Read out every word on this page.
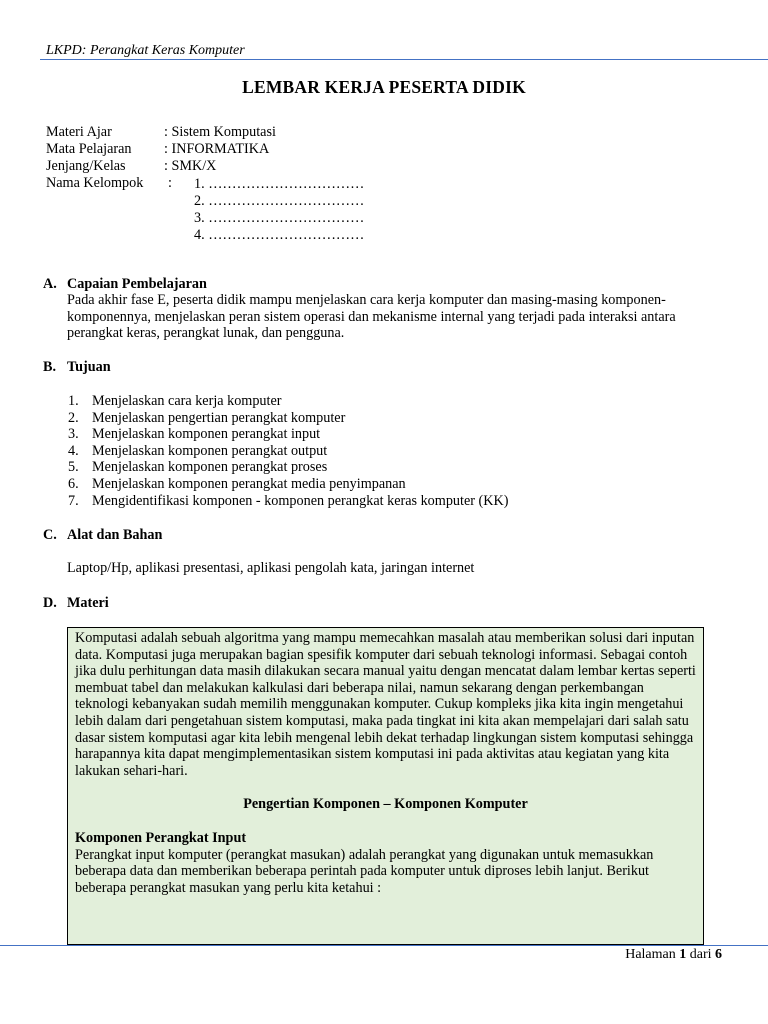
LKPD: Perangkat Keras Komputer
LEMBAR KERJA PESERTA DIDIK
Materi Ajar	: Sistem Komputasi
Mata Pelajaran : INFORMATIKA
Jenjang/Kelas	: SMK/X
Nama Kelompok : 1. ……………………………
2. ……………………………
3. ……………………………
4. ……………………………
A. Capaian Pembelajaran
Pada akhir fase E, peserta didik mampu menjelaskan cara kerja komputer dan masing-masing komponen-komponennya, menjelaskan peran sistem operasi dan mekanisme internal yang terjadi pada interaksi antara perangkat keras, perangkat lunak, dan pengguna.
B. Tujuan
1. Menjelaskan cara kerja komputer
2. Menjelaskan pengertian perangkat komputer
3. Menjelaskan komponen perangkat input
4. Menjelaskan komponen perangkat output
5. Menjelaskan komponen perangkat proses
6. Menjelaskan komponen perangkat media penyimpanan
7. Mengidentifikasi komponen - komponen perangkat keras komputer (KK)
C. Alat dan Bahan
Laptop/Hp, aplikasi presentasi, aplikasi pengolah kata, jaringan internet
D. Materi

Komputasi adalah sebuah algoritma yang mampu memecahkan masalah atau memberikan solusi dari inputan data. Komputasi juga merupakan bagian spesifik komputer dari sebuah teknologi informasi. Sebagai contoh jika dulu perhitungan data masih dilakukan secara manual yaitu dengan mencatat dalam lembar kertas seperti membuat tabel dan melakukan kalkulasi dari beberapa nilai, namun sekarang dengan perkembangan teknologi kebanyakan sudah memilih menggunakan komputer. Cukup kompleks jika kita ingin mengetahui lebih dalam dari pengetahuan sistem komputasi, maka pada tingkat ini kita akan mempelajari dari salah satu dasar sistem komputasi agar kita lebih mengenal lebih dekat terhadap lingkungan sistem komputasi sehingga harapannya kita dapat mengimplementasikan sistem komputasi ini pada aktivitas atau kegiatan yang kita lakukan sehari-hari.

Pengertian Komponen – Komponen Komputer

Komponen Perangkat Input

Perangkat input komputer (perangkat masukan) adalah perangkat yang digunakan untuk memasukkan beberapa data dan memberikan beberapa perintah pada komputer untuk diproses lebih lanjut. Berikut beberapa perangkat masukan yang perlu kita ketahui :

Halaman 1 dari 6
